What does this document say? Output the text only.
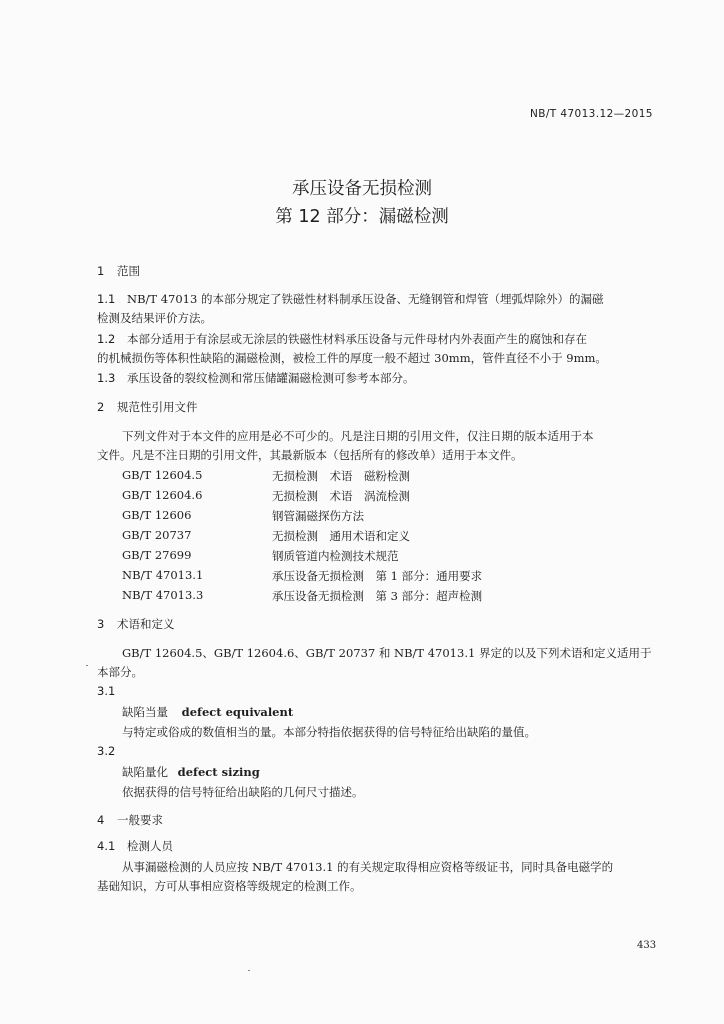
NB/T 47013.12—2015
承压设备无损检测
第 12 部分：漏磁检测
1 范围
1.1 NB/T 47013 的本部分规定了铁磁性材料制承压设备、无缝钢管和焊管（埋弧焊除外）的漏磁
检测及结果评价方法。
1.2 本部分适用于有涂层或无涂层的铁磁性材料承压设备与元件母材内外表面产生的腐蚀和存在
的机械损伤等体积性缺陷的漏磁检测，被检工件的厚度一般不超过 30mm，管件直径不小于 9mm。
1.3 承压设备的裂纹检测和常压储罐漏磁检测可参考本部分。
2 规范性引用文件
下列文件对于本文件的应用是必不可少的。凡是注日期的引用文件，仅注日期的版本适用于本
文件。凡是不注日期的引用文件，其最新版本（包括所有的修改单）适用于本文件。
GB/T 12604.5	无损检测　术语　磁粉检测
GB/T 12604.6	无损检测　术语　涡流检测
GB/T 12606	钢管漏磁探伤方法
GB/T 20737	无损检测　通用术语和定义
GB/T 27699	钢质管道内检测技术规范
NB/T 47013.1	承压设备无损检测　第 1 部分：通用要求
NB/T 47013.3	承压设备无损检测　第 3 部分：超声检测
3 术语和定义
GB/T 12604.5、GB/T 12604.6、GB/T 20737 和 NB/T 47013.1 界定的以及下列术语和定义适用于
本部分。
3.1
缺陷当量 defect equivalent
与特定或俗成的数值相当的量。本部分特指依据获得的信号特征给出缺陷的量值。
3.2
缺陷量化 defect sizing
依据获得的信号特征给出缺陷的几何尺寸描述。
4 一般要求
4.1 检测人员
从事漏磁检测的人员应按 NB/T 47013.1 的有关规定取得相应资格等级证书，同时具备电磁学的
基础知识，方可从事相应资格等级规定的检测工作。
433
